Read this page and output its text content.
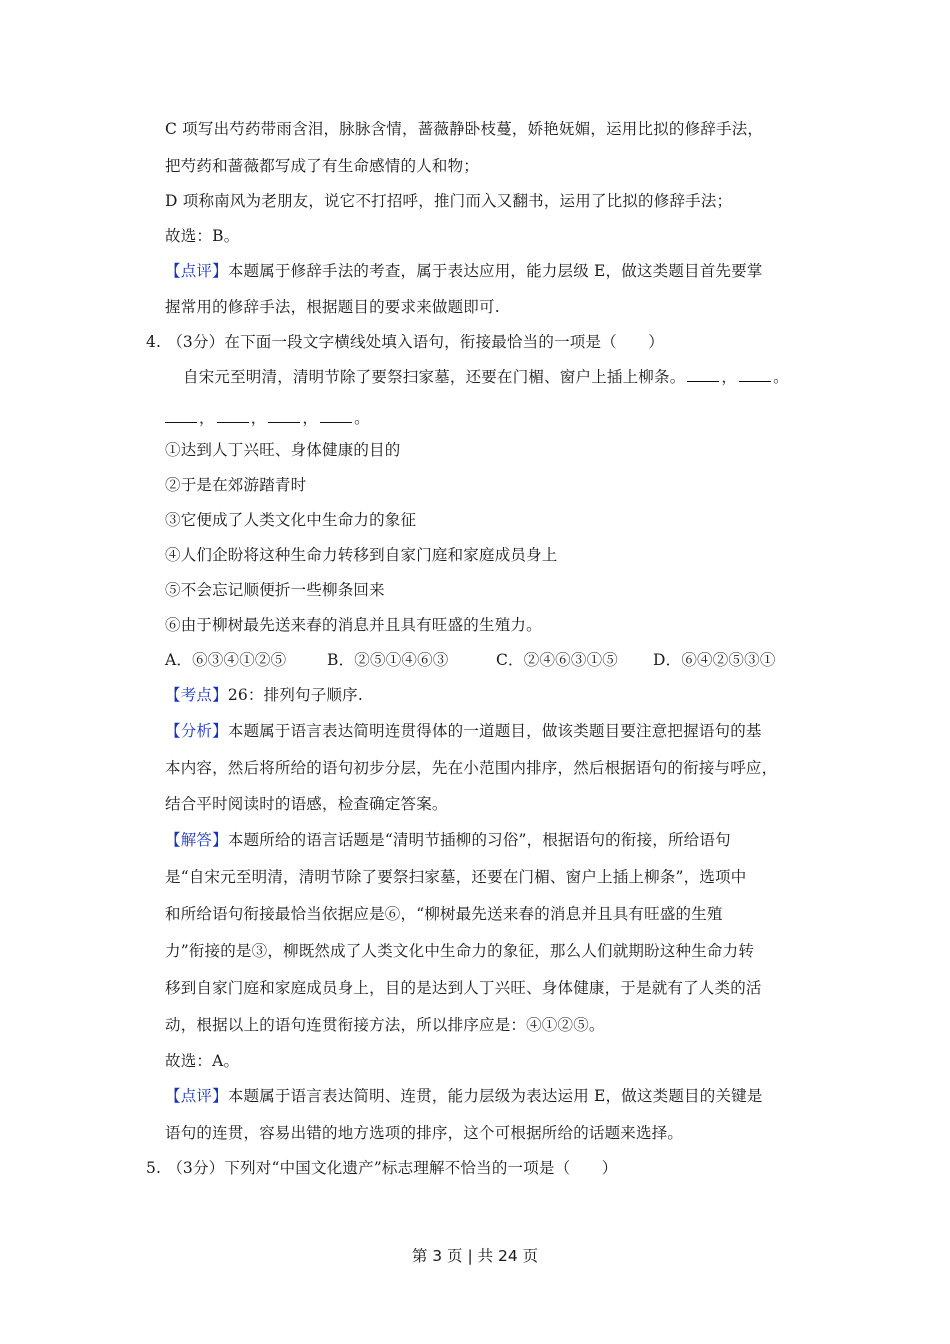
C 项写出芍药带雨含泪，脉脉含情，蔷薇静卧枝蔓，娇艳妩媚，运用比拟的修辞手法，
把芍药和蔷薇都写成了有生命感情的人和物；
D 项称南风为老朋友，说它不打招呼，推门而入又翻书，运用了比拟的修辞手法；
故选：B。
【点评】本题属于修辞手法的考查，属于表达应用，能力层级 E，做这类题目首先要掌
握常用的修辞手法，根据题目的要求来做题即可.
4. （3分）在下面一段文字横线处填入语句，衔接最恰当的一项是（　　）
自宋元至明清，清明节除了要祭扫家墓，还要在门楣、窗户上插上柳条。 ， 。
， ， ， 。
①达到人丁兴旺、身体健康的目的
②于是在郊游踏青时
③它便成了人类文化中生命力的象征
④人们企盼将这种生命力转移到自家门庭和家庭成员身上
⑤不会忘记顺便折一些柳条回来
⑥由于柳树最先送来春的消息并且具有旺盛的生殖力。
A．⑥③④①②⑤	B．②⑤①④⑥③	C．②④⑥③①⑤ D．⑥④②⑤③①
【考点】26：排列句子顺序.
【分析】本题属于语言表达简明连贯得体的一道题目，做该类题目要注意把握语句的基
本内容，然后将所给的语句初步分层，先在小范围内排序，然后根据语句的衔接与呼应，
结合平时阅读时的语感，检查确定答案。
【解答】本题所给的语言话题是“清明节插柳的习俗”，根据语句的衔接，所给语句
是“自宋元至明清，清明节除了要祭扫家墓，还要在门楣、窗户上插上柳条”，选项中
和所给语句衔接最恰当依据应是⑥，“柳树最先送来春的消息并且具有旺盛的生殖
力”衔接的是③，柳既然成了人类文化中生命力的象征，那么人们就期盼这种生命力转
移到自家门庭和家庭成员身上，目的是达到人丁兴旺、身体健康，于是就有了人类的活
动，根据以上的语句连贯衔接方法，所以排序应是：④①②⑤。
故选：A。
【点评】本题属于语言表达简明、连贯，能力层级为表达运用 E，做这类题目的关键是
语句的连贯，容易出错的地方选项的排序，这个可根据所给的话题来选择。
5. （3分）下列对“中国文化遗产”标志理解不恰当的一项是（　　）
第 3 页 | 共 24 页
